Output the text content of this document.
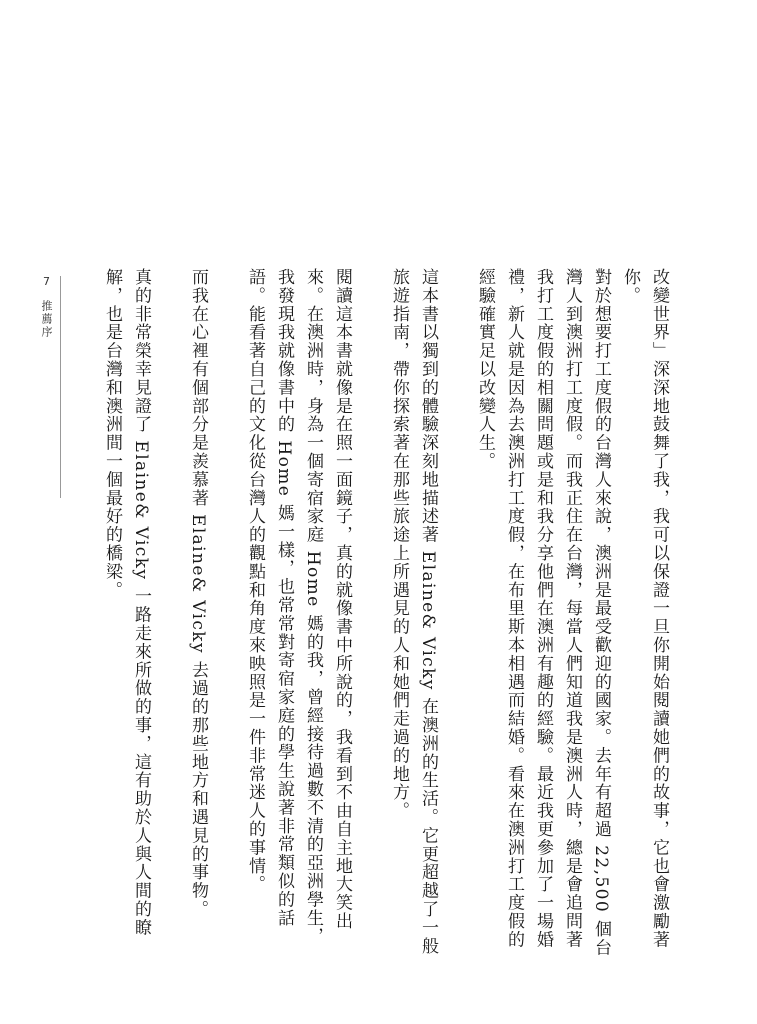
改變世界」深深地鼓舞了我，我可以保證一旦你開始閱讀她們的故事，它也會激勵著你。

對於想要打工度假的台灣人來說，澳洲是最受歡迎的國家。去年有超過 22,500 個台灣人到澳洲打工度假。而我正住在台灣，每當人們知道我是澳洲人時，總是會追問著我打工度假的相關問題或是和我分享他們在澳洲有趣的經驗。最近我更參加了一場婚禮，新人就是因為去澳洲打工度假，在布里斯本相遇而結婚。看來在澳洲打工度假的經驗確實足以改變人生。

這本書以獨到的體驗深刻地描述著 Elaine& Vicky 在澳洲的生活。它更超越了一般旅遊指南，帶你探索著在那些旅途上所遇見的人和她們走過的地方。

閱讀這本書就像是在照一面鏡子，真的就像書中所說的，我看到不由自主地大笑出來。在澳洲時，身為一個寄宿家庭 Home 媽的我，曾經接待過數不清的亞洲學生，我發現我就像書中的 Home 媽一樣，也常常對寄宿家庭的學生說著非常類似的話語。能看著自己的文化從台灣人的觀點和角度來映照是一件非常迷人的事情。

而我在心裡有個部分是羨慕著 Elaine& Vicky 去過的那些地方和遇見的事物。

真的非常榮幸見證了 Elaine& Vicky 一路走來所做的事，這有助於人與人間的瞭解，也是台灣和澳洲間一個最好的橋梁。

7推薦序
